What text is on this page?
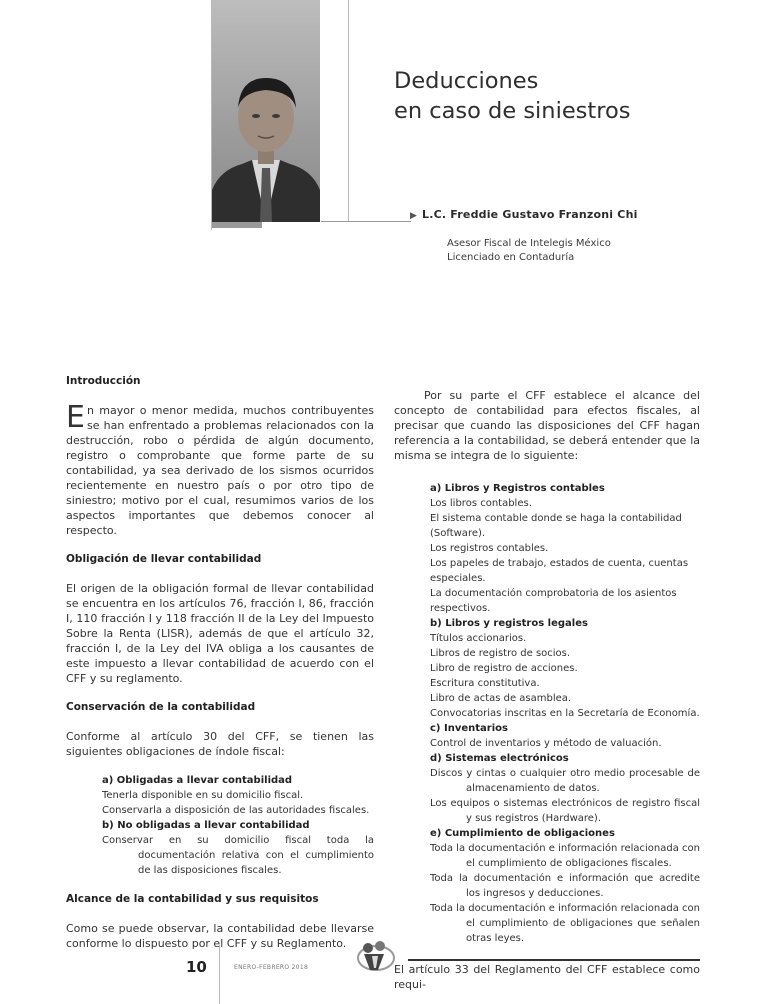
Deducciones
en caso de siniestros
▶ L.C. Freddie Gustavo Franzoni Chi
Asesor Fiscal de Intelegis México
Licenciado en Contaduría

Introducción

En mayor o menor medida, muchos contribuyentes se han enfrentado a problemas relacionados con la destrucción, robo o pérdida de algún documento, registro o comprobante que forme parte de su contabilidad, ya sea derivado de los sismos ocurridos recientemente en nuestro país o por otro tipo de siniestro; motivo por el cual, resumimos varios de los aspectos importantes que debemos conocer al respecto.

Obligación de llevar contabilidad

El origen de la obligación formal de llevar contabilidad se encuentra en los artículos 76, fracción I, 86, fracción I, 110 fracción I y 118 fracción II de la Ley del Impuesto Sobre la Renta (LISR), además de que el artículo 32, fracción I, de la Ley del IVA obliga a los causantes de este impuesto a llevar contabilidad de acuerdo con el CFF y su reglamento.

Conservación de la contabilidad

Conforme al artículo 30 del CFF, se tienen las siguientes obligaciones de índole fiscal:

a) Obligadas a llevar contabilidad

Tenerla disponible en su domicilio fiscal.

Conservarla a disposición de las autoridades fiscales.

b) No obligadas a llevar contabilidad

Conservar en su domicilio fiscal toda la documentación relativa con el cumplimiento de las disposiciones fiscales.

Alcance de la contabilidad y sus requisitos

Como se puede observar, la contabilidad debe llevarse conforme lo dispuesto por el CFF y su Reglamento.

Por su parte el CFF establece el alcance del concepto de contabilidad para efectos fiscales, al precisar que cuando las disposiciones del CFF hagan referencia a la contabilidad, se deberá entender que la misma se integra de lo siguiente:

a) Libros y Registros contables

Los libros contables.

El sistema contable donde se haga la contabilidad (Software).

Los registros contables.

Los papeles de trabajo, estados de cuenta, cuentas especiales.

La documentación comprobatoria de los asientos respectivos.

b) Libros y registros legales

Títulos accionarios.

Libros de registro de socios.

Libro de registro de acciones.

Escritura constitutiva.

Libro de actas de asamblea.

Convocatorias inscritas en la Secretaría de Economía.

c) Inventarios

Control de inventarios y método de valuación.

d) Sistemas electrónicos

Discos y cintas o cualquier otro medio procesable de almacenamiento de datos.

Los equipos o sistemas electrónicos de registro fiscal y sus registros (Hardware).

e) Cumplimiento de obligaciones

Toda la documentación e información relacionada con el cumplimiento de obligaciones fiscales.

Toda la documentación e información que acredite los ingresos y deducciones.

Toda la documentación e información relacionada con el cumplimiento de obligaciones que señalen otras leyes.

El artículo 33 del Reglamento del CFF establece como requi-

10	ENERO-FEBRERO 2018
